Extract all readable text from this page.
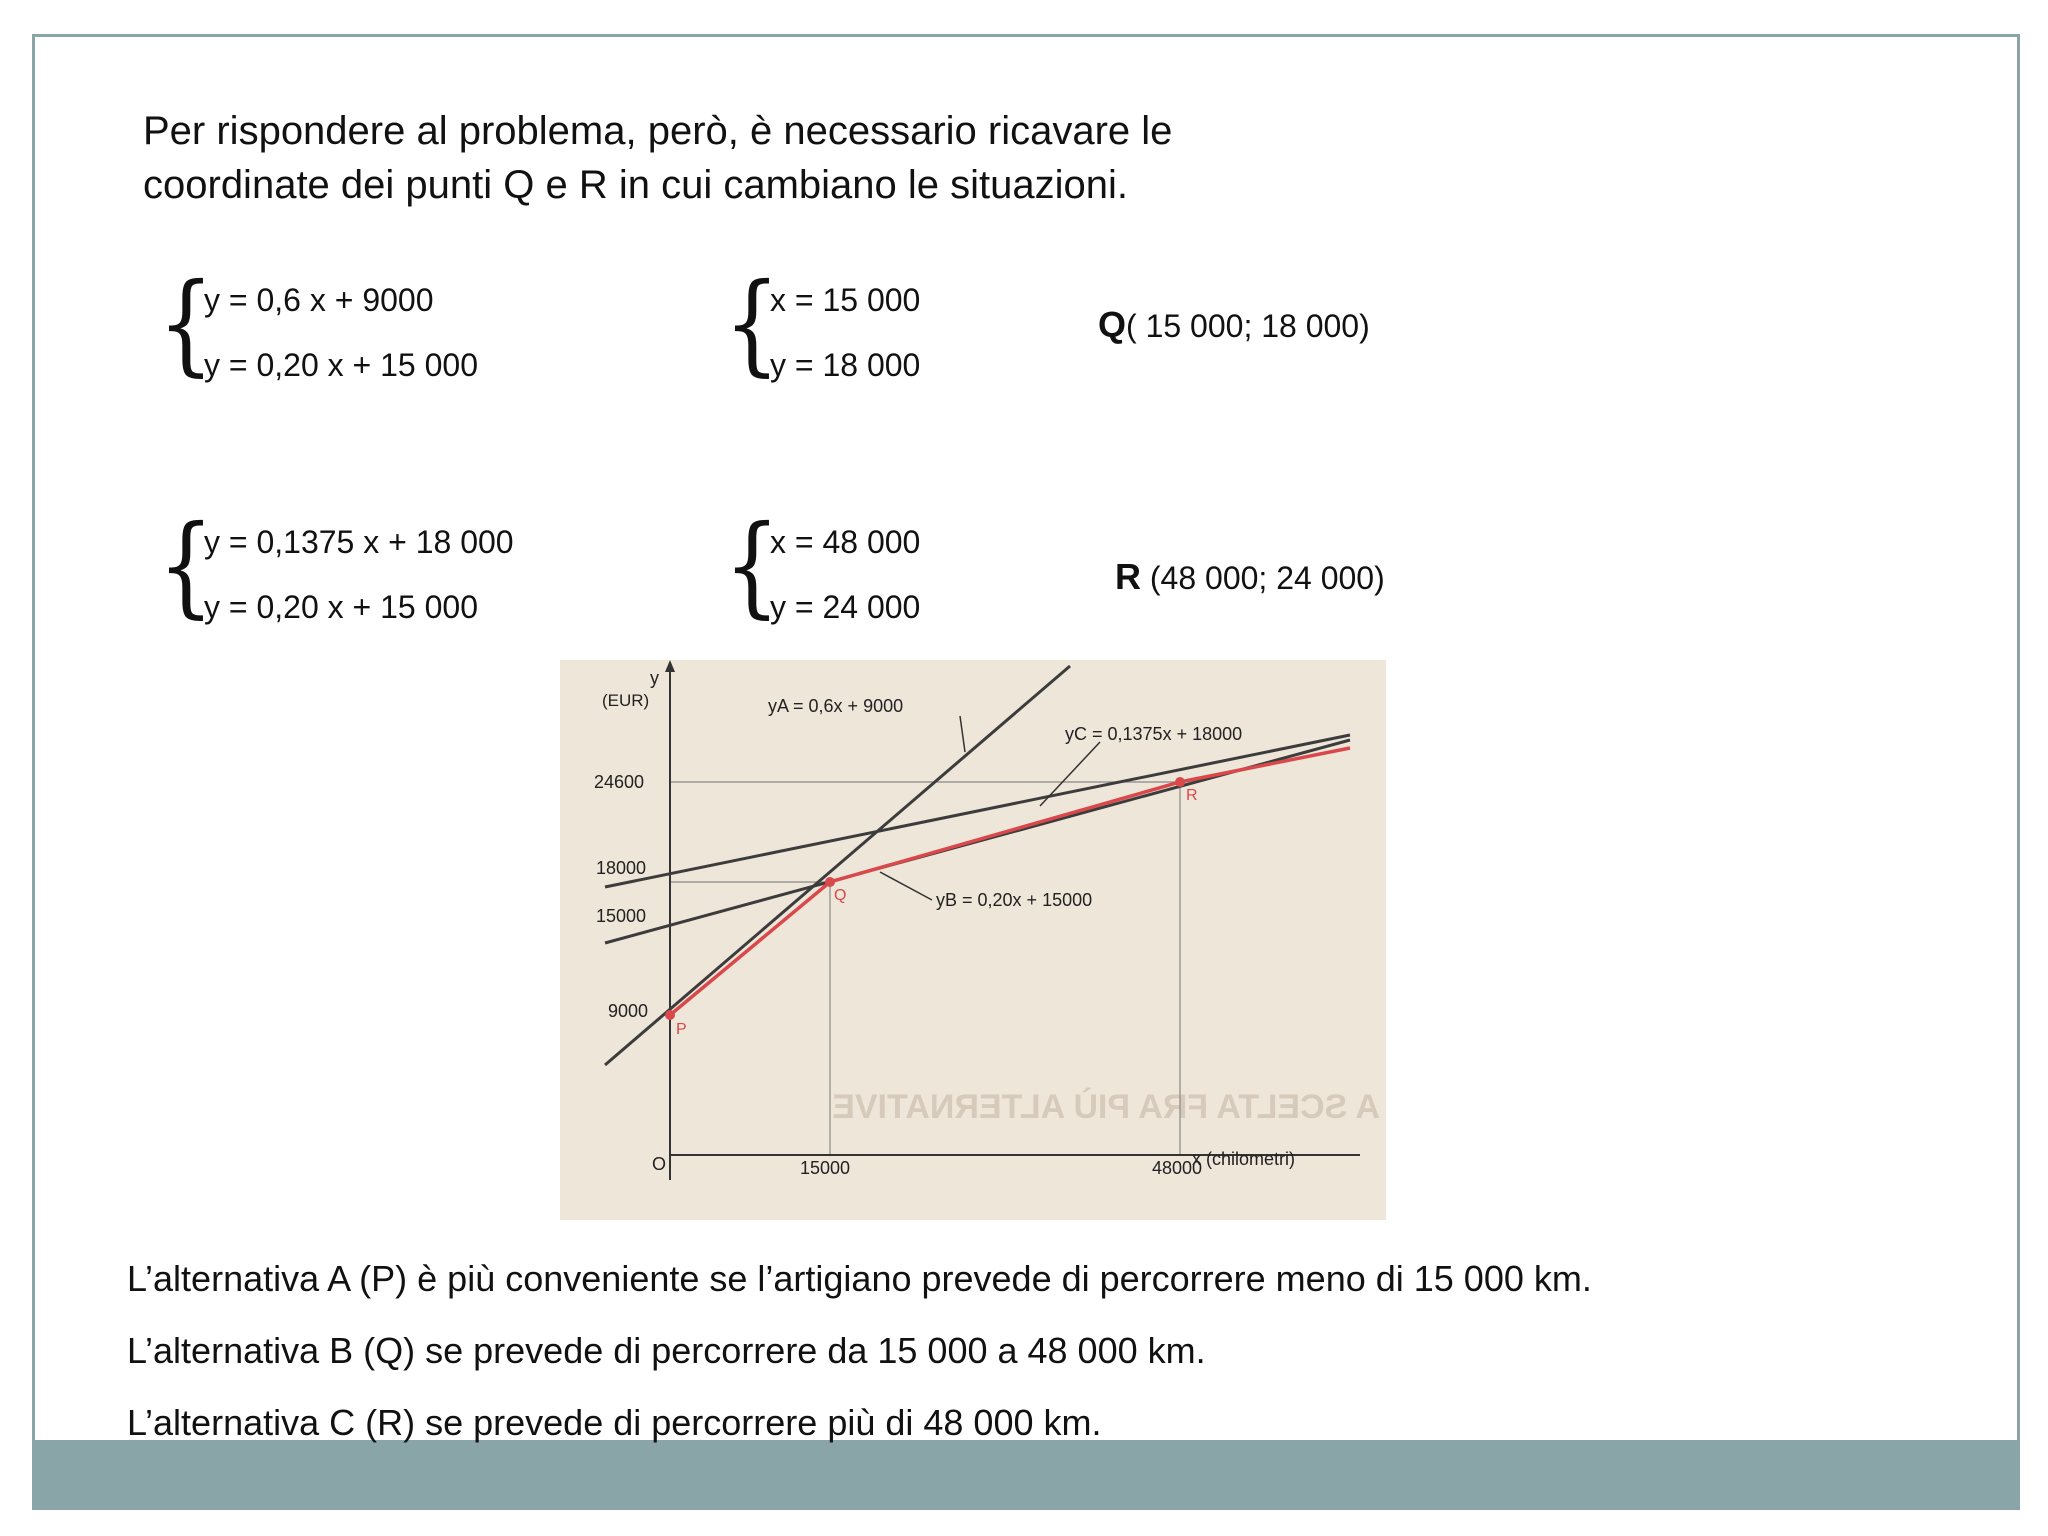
Per rispondere al problema, però, è necessario ricavare le
coordinate dei punti Q e R in cui cambiano le situazioni.
{
y = 0,6 x + 9000
y = 0,20 x + 15 000 {
x = 15 000
y = 18 000
Q( 15 000; 18 000)
{
y = 0,1375 x + 18 000
y = 0,20 x + 15 000 {
x = 48 000
y = 24 000
R (48 000; 24 000)
A SCELTA FRA PIÙ ALTERNATIVE
y
(EUR)
x (chilometri)
O
24600
18000
15000
9000
15000	48000
yA = 0,6x + 9000
yC = 0,1375x + 18000
yB = 0,20x + 15000
P
Q
R
L’alternativa A (P) è più conveniente se l’artigiano prevede di percorrere meno di 15 000 km.
L’alternativa B (Q) se prevede di percorrere da 15 000 a 48 000 km.
L’alternativa C (R) se prevede di percorrere più di 48 000 km.
